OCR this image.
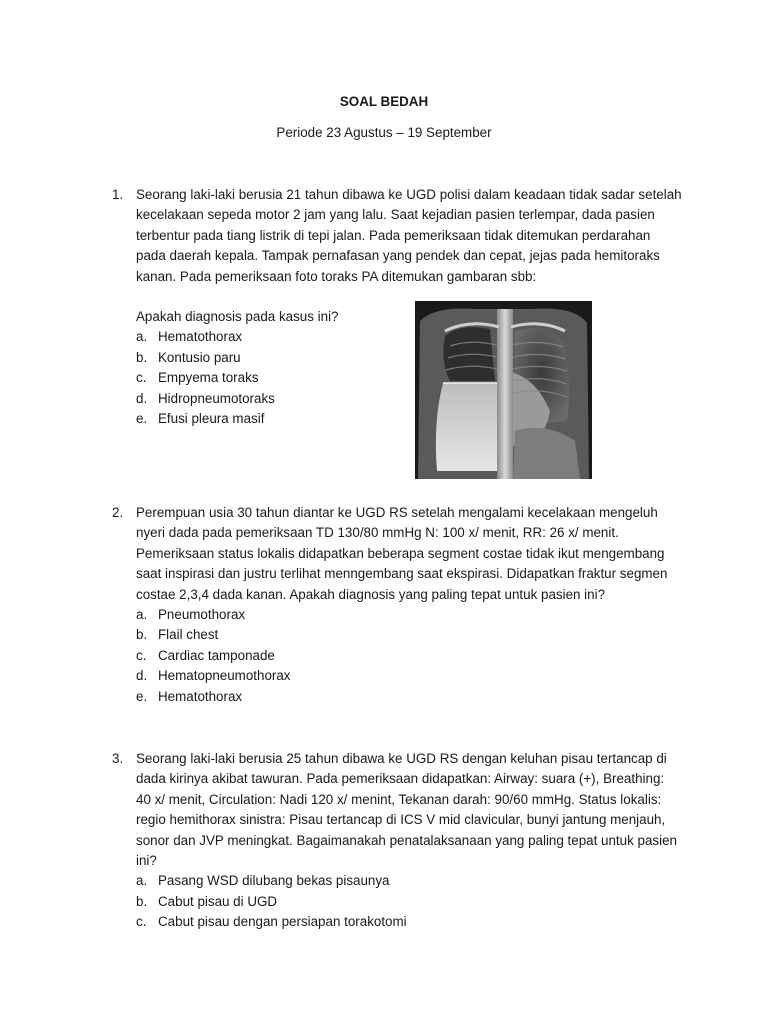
SOAL BEDAH
Periode 23 Agustus – 19 September
1. Seorang laki-laki berusia 21 tahun dibawa ke UGD polisi dalam keadaan tidak sadar setelah kecelakaan sepeda motor 2 jam yang lalu. Saat kejadian pasien terlempar, dada pasien terbentur pada tiang listrik di tepi jalan. Pada pemeriksaan tidak ditemukan perdarahan pada daerah kepala. Tampak pernafasan yang pendek dan cepat, jejas pada hemitoraks kanan. Pada pemeriksaan foto toraks PA ditemukan gambaran sbb:
Apakah diagnosis pada kasus ini?
a. Hematothorax
b. Kontusio paru
c. Empyema toraks
d. Hidropneumotoraks
e. Efusi pleura masif
2. Perempuan usia 30 tahun diantar ke UGD RS setelah mengalami kecelakaan mengeluh nyeri dada pada pemeriksaan TD 130/80 mmHg N: 100 x/ menit, RR: 26 x/ menit. Pemeriksaan status lokalis didapatkan beberapa segment costae tidak ikut mengembang saat inspirasi dan justru terlihat menngembang saat ekspirasi. Didapatkan fraktur segmen costae 2,3,4 dada kanan. Apakah diagnosis yang paling tepat untuk pasien ini?
a. Pneumothorax
b. Flail chest
c. Cardiac tamponade
d. Hematopneumothorax
e. Hematothorax
3. Seorang laki-laki berusia 25 tahun dibawa ke UGD RS dengan keluhan pisau tertancap di dada kirinya akibat tawuran. Pada pemeriksaan didapatkan: Airway: suara (+), Breathing: 40 x/ menit, Circulation: Nadi 120 x/ menint, Tekanan darah: 90/60 mmHg. Status lokalis: regio hemithorax sinistra: Pisau tertancap di ICS V mid clavicular, bunyi jantung menjauh, sonor dan JVP meningkat. Bagaimanakah penatalaksanaan yang paling tepat untuk pasien ini?
a. Pasang WSD dilubang bekas pisaunya
b. Cabut pisau di UGD
c. Cabut pisau dengan persiapan torakotomi
